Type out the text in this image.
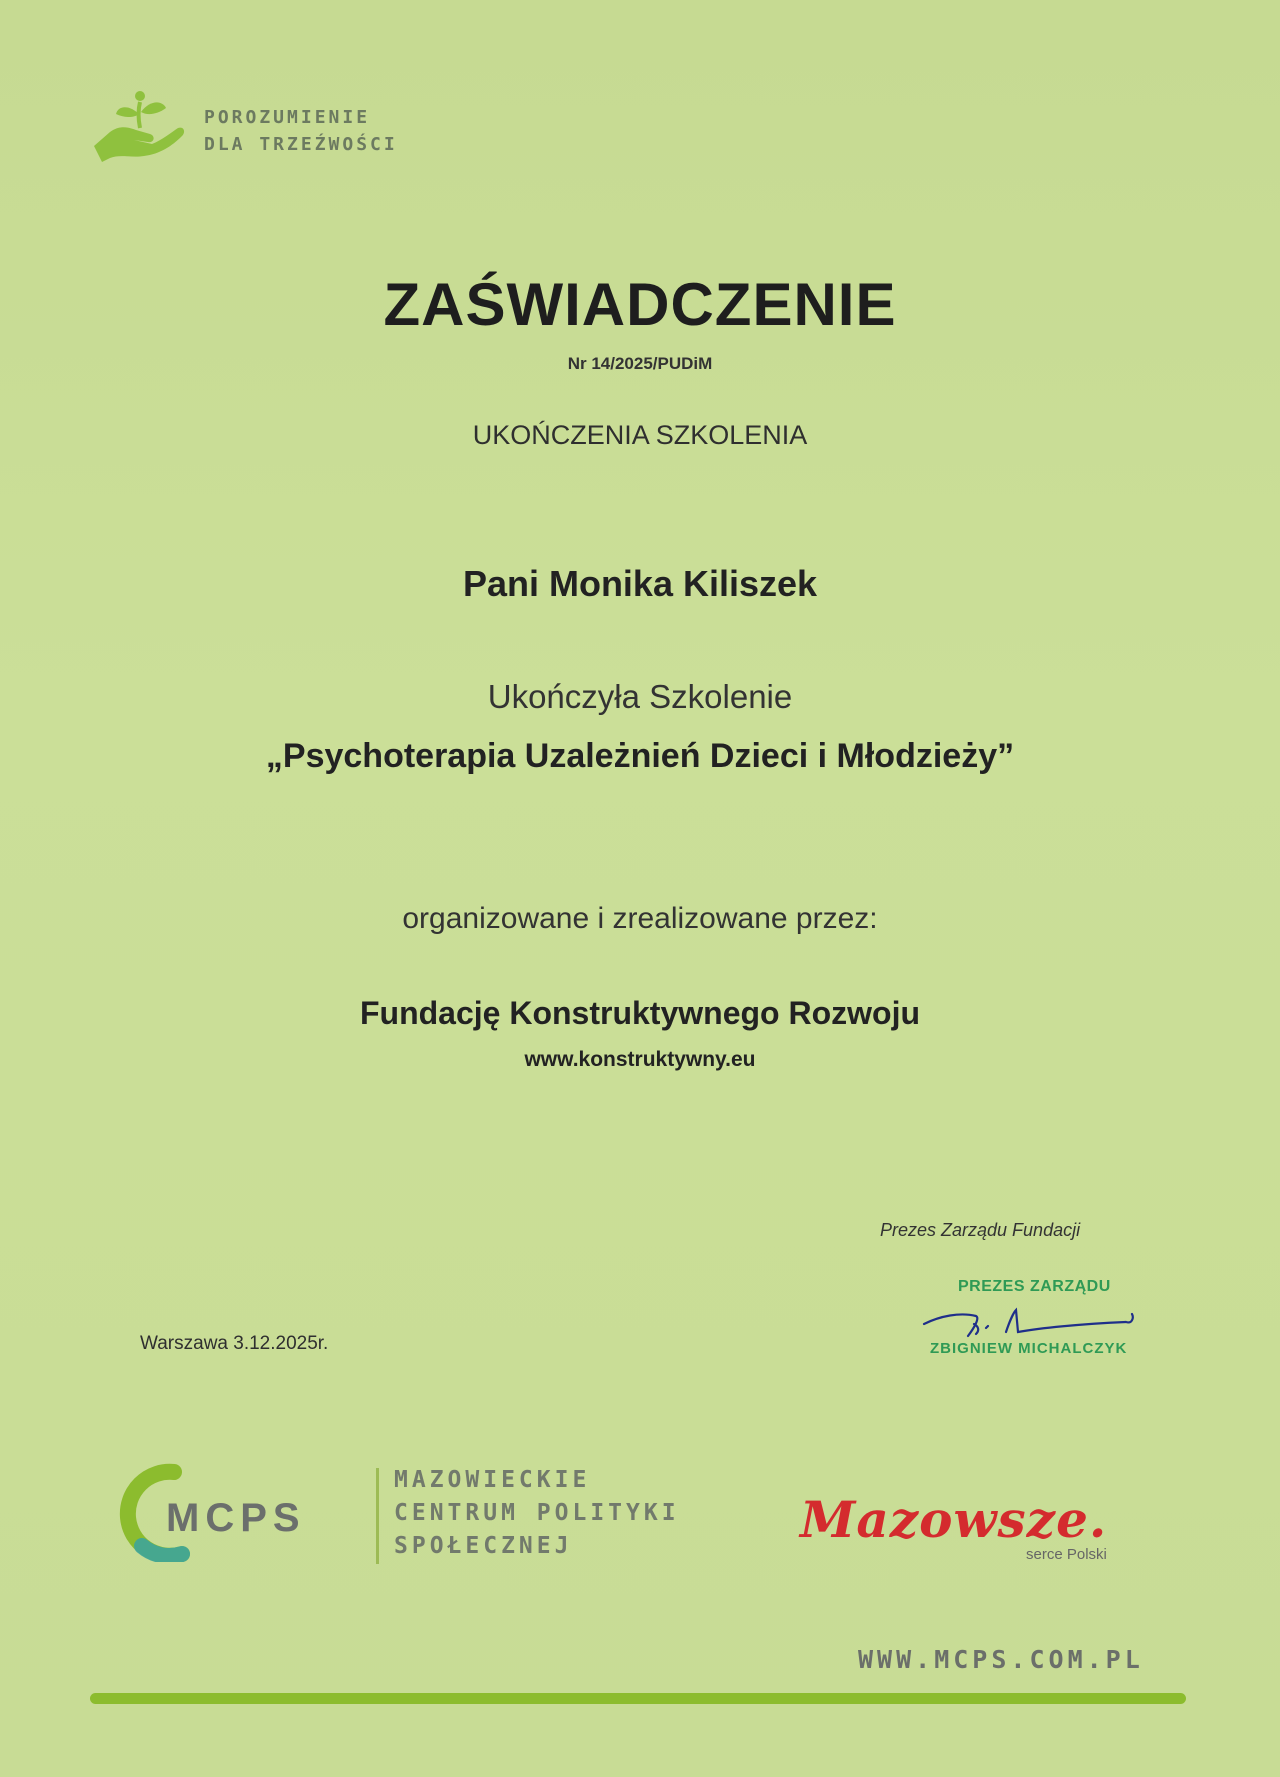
POROZUMIENIE
DLA TRZEŹWOŚCI
ZAŚWIADCZENIE
Nr 14/2025/PUDiM
UKOŃCZENIA SZKOLENIA
Pani Monika Kiliszek
Ukończyła Szkolenie
„Psychoterapia Uzależnień Dzieci i Młodzieży”
organizowane i zrealizowane przez:
Fundację Konstruktywnego Rozwoju
www.konstruktywny.eu
Prezes Zarządu Fundacji
PREZES ZARZĄDU
ZBIGNIEW MICHALCZYK
Warszawa 3.12.2025r.
MCPS
MAZOWIECKIE
CENTRUM POLITYKI
SPOŁECZNEJ	Mazowsze.
serce Polski
WWW.MCPS.COM.PL
